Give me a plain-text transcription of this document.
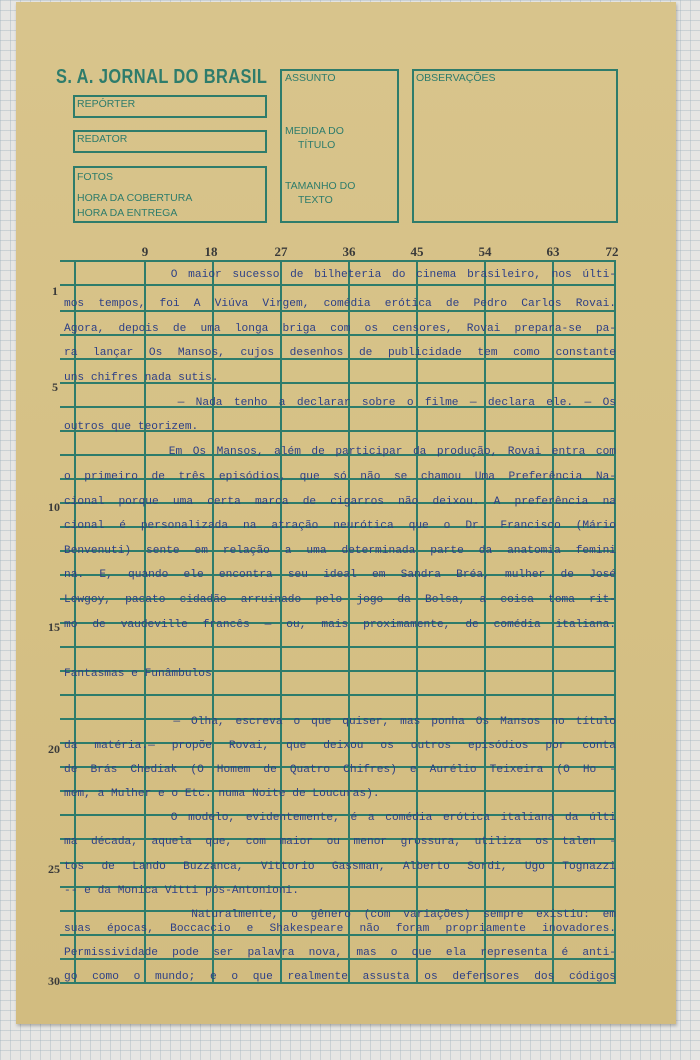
S. A. JORNAL DO BRASIL
REPÓRTER
REDATOR
FOTOS
HORA DA COBERTURA
HORA DA ENTREGA
ASSUNTO
MEDIDA DO
TÍTULO
TAMANHO DO
TEXTO
OBSERVAÇÕES
9	18	27	36	45	54	63	72
1
5
10
15
20
25
30
O maior sucesso de bilheteria do cinema brasileiro, nos últi-
mos tempos, foi A Viúva Virgem, comédia erótica de Pedro Carlos Rovai.
Agora, depois de uma longa briga com os censores, Rovai prepara-se pa-
ra lançar Os Mansos, cujos desenhos de publicidade tem como constante
uns chifres nada sutis.
— Nada tenho a declarar sobre o filme — declara ele. — Os
outros que teorizem.
Em Os Mansos, além de participar da produção, Rovai entra com
o primeiro de três episódios, que só não se chamou Uma Preferência Na-
cional porque uma certa marca de cigarros não deixou. A preferência na
cional é personalizada na atração neurótica que o Dr. Francisco (Mário
Benvenuti) sente em relação a uma determinada parte da anatomia femini
na. E, quando ele encontra seu ideal em Sandra Bréa, mulher de José
Lewgoy, pacato cidadão arruinado pelo jogo da Bolsa, a coisa toma rit-
mo de vaudeville francês — ou, mais proximamente, de comédia italiana.
Fantasmas e Funâmbulos
— Olha, escreva o que quiser, mas ponha Os Mansos no título
da matéria.— propõe Rovai, que deixou os outros episódios por conta
de Brás Chediak (O Homem de Quatro Chifres) e Aurélio Teixeira (O Ho -
mem, a Mulher e o Etc. numa Noite de Loucuras).
O modelo, evidentemente, é a comédia erótica italiana da últi
ma década, aquela que, com maior ou menor grossura, utiliza os talen -
tos de Lando Buzzanca, Vittorio Gassman, Alberto Sordi, Ugo Tognazzi
-- e da Monica Vitti pós-Antonioni.
Naturalmente, o gênero (com variações) sempre existiu: em
suas épocas, Boccaccio e Shakespeare não foram propriamente inovadores.
Permissividade pode ser palavra nova, mas o que ela representa é anti-
go como o mundo; e o que realmente assusta os defensores dos códigos
